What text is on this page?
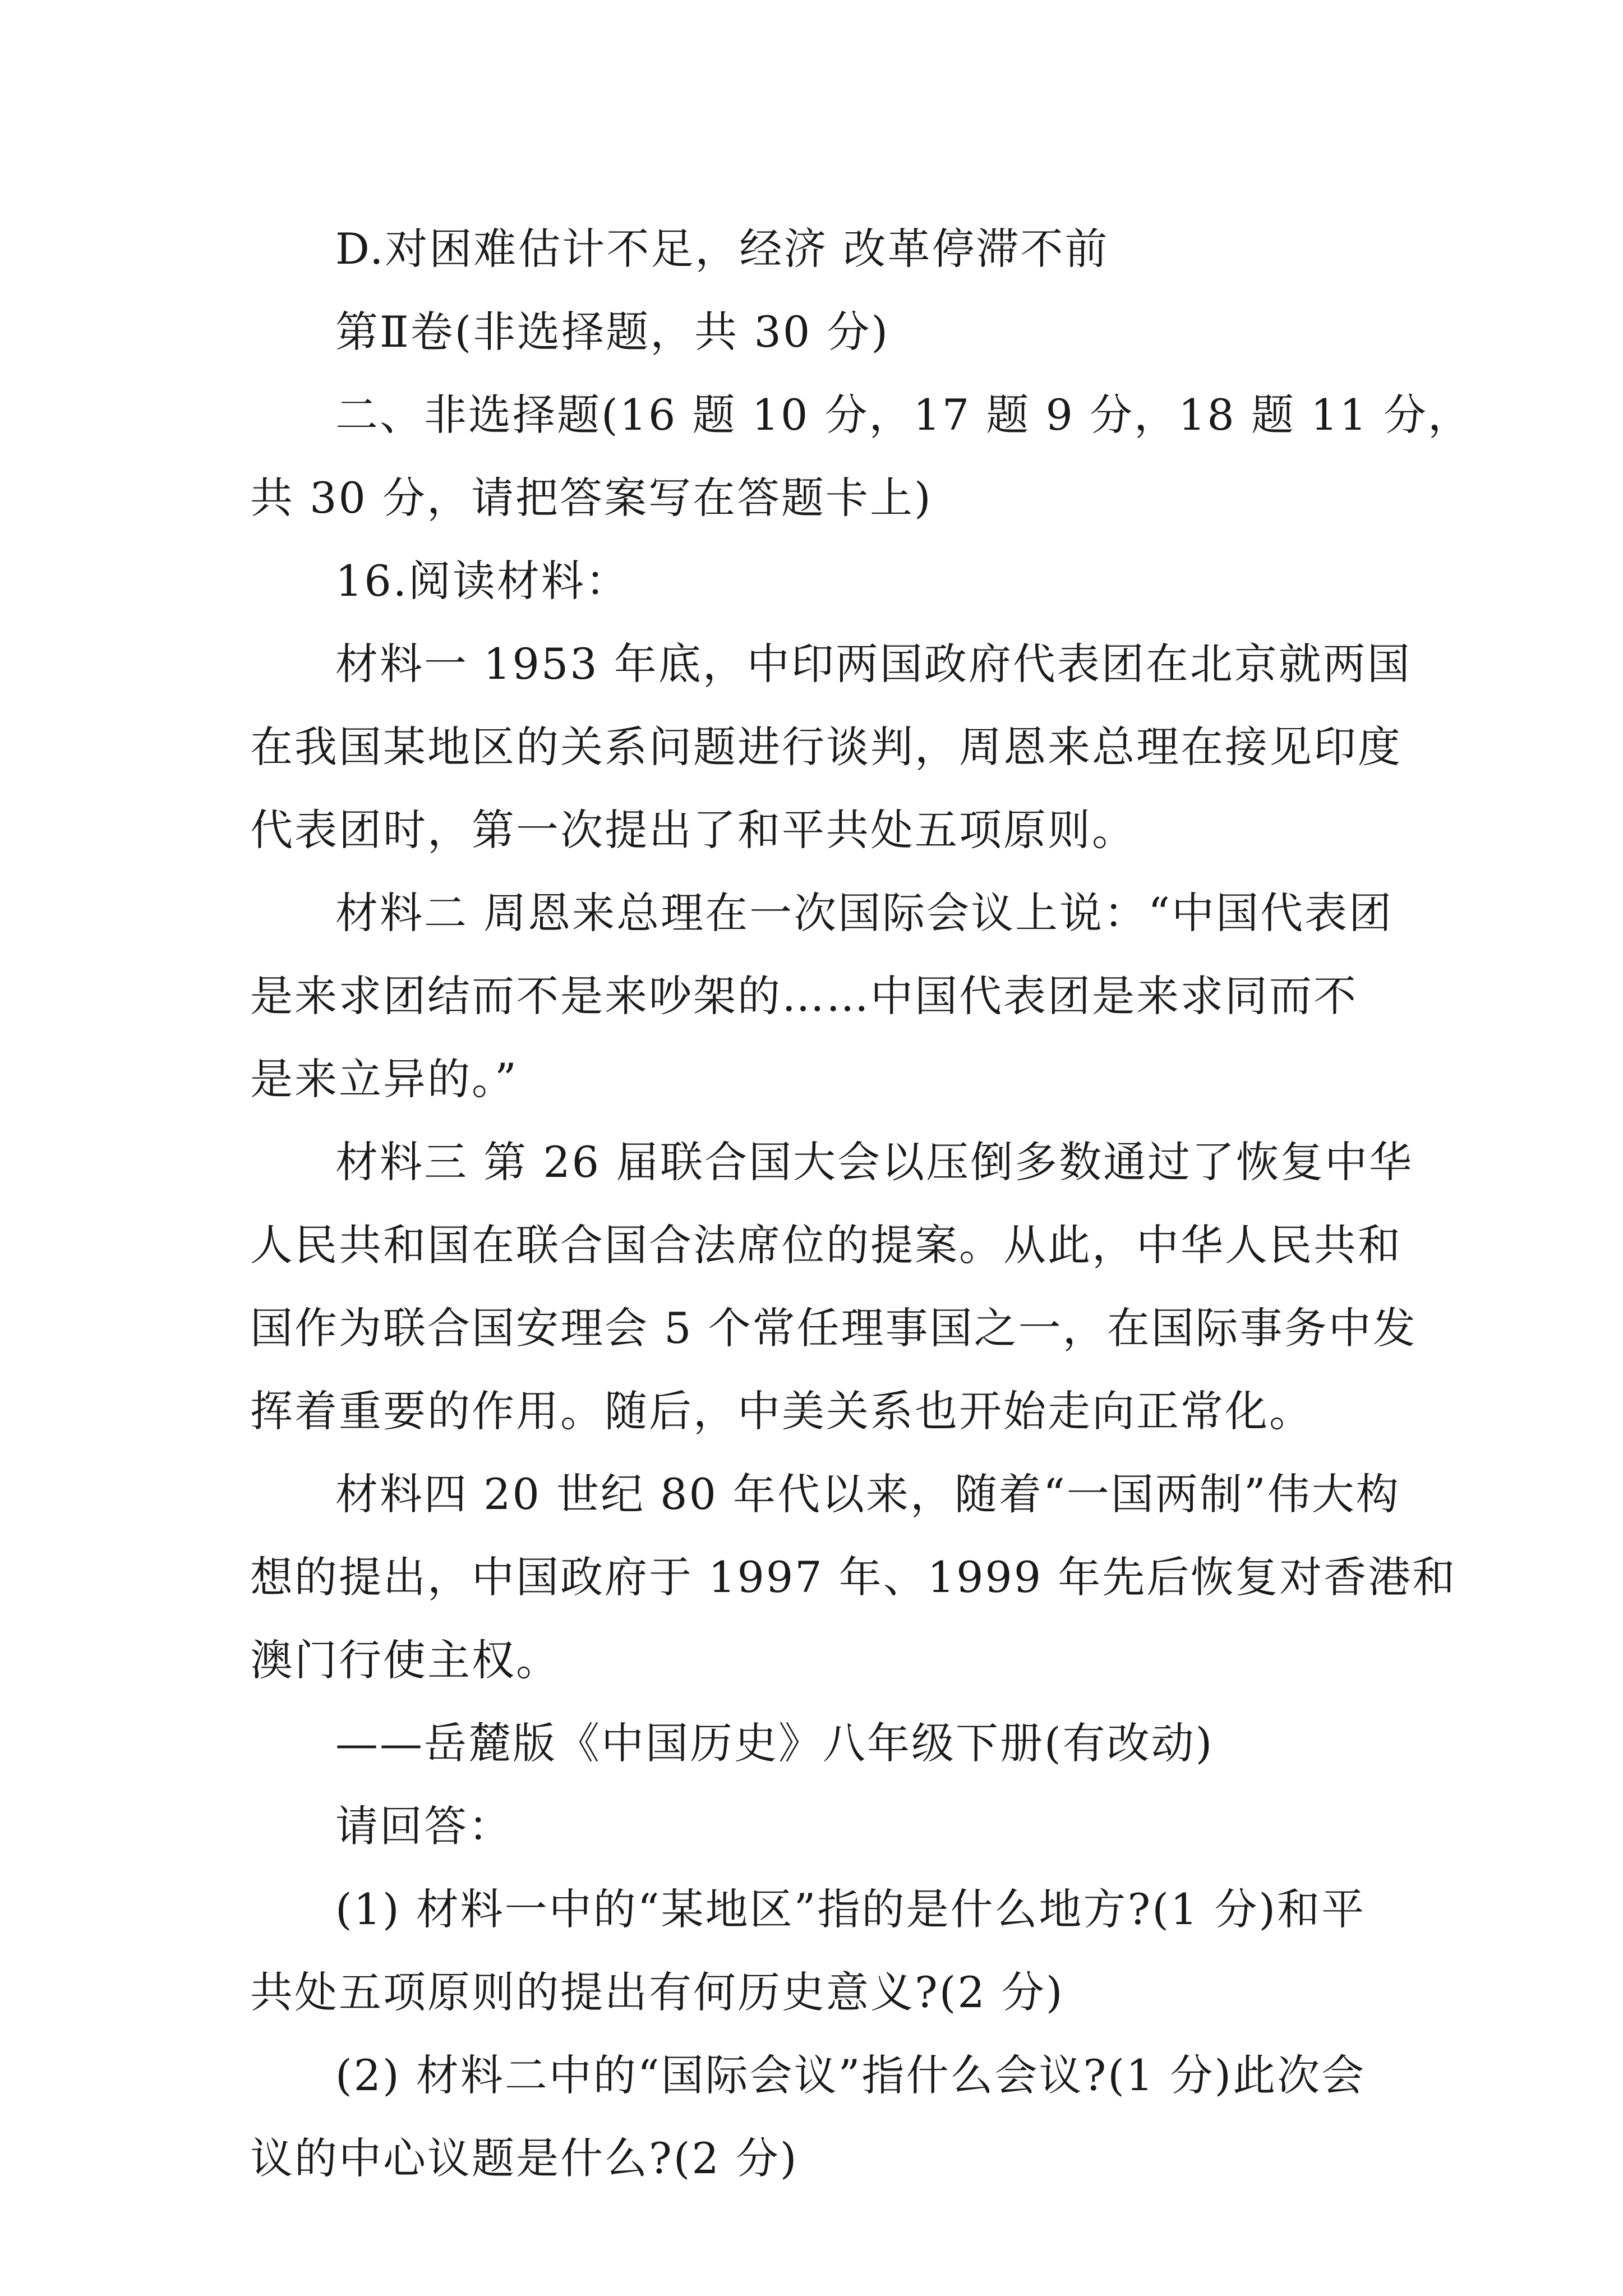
D.对困难估计不足，经济 改革停滞不前
第Ⅱ卷(非选择题，共 30 分)
二、非选择题(16 题 10 分，17 题 9 分，18 题 11 分，
共 30 分，请把答案写在答题卡上)
16.阅读材料：
材料一 1953 年底，中印两国政府代表团在北京就两国
在我国某地区的关系问题进行谈判，周恩来总理在接见印度
代表团时，第一次提出了和平共处五项原则。
材料二 周恩来总理在一次国际会议上说：“中国代表团
是来求团结而不是来吵架的……中国代表团是来求同而不
是来立异的。”
材料三 第 26 届联合国大会以压倒多数通过了恢复中华
人民共和国在联合国合法席位的提案。从此，中华人民共和
国作为联合国安理会 5 个常任理事国之一，在国际事务中发
挥着重要的作用。随后，中美关系也开始走向正常化。
材料四 20 世纪 80 年代以来，随着“一国两制”伟大构
想的提出，中国政府于 1997 年、1999 年先后恢复对香港和
澳门行使主权。
——岳麓版《中国历史》八年级下册(有改动)
请回答：
(1) 材料一中的“某地区”指的是什么地方?(1 分)和平
共处五项原则的提出有何历史意义?(2 分)
(2) 材料二中的“国际会议”指什么会议?(1 分)此次会
议的中心议题是什么?(2 分)
